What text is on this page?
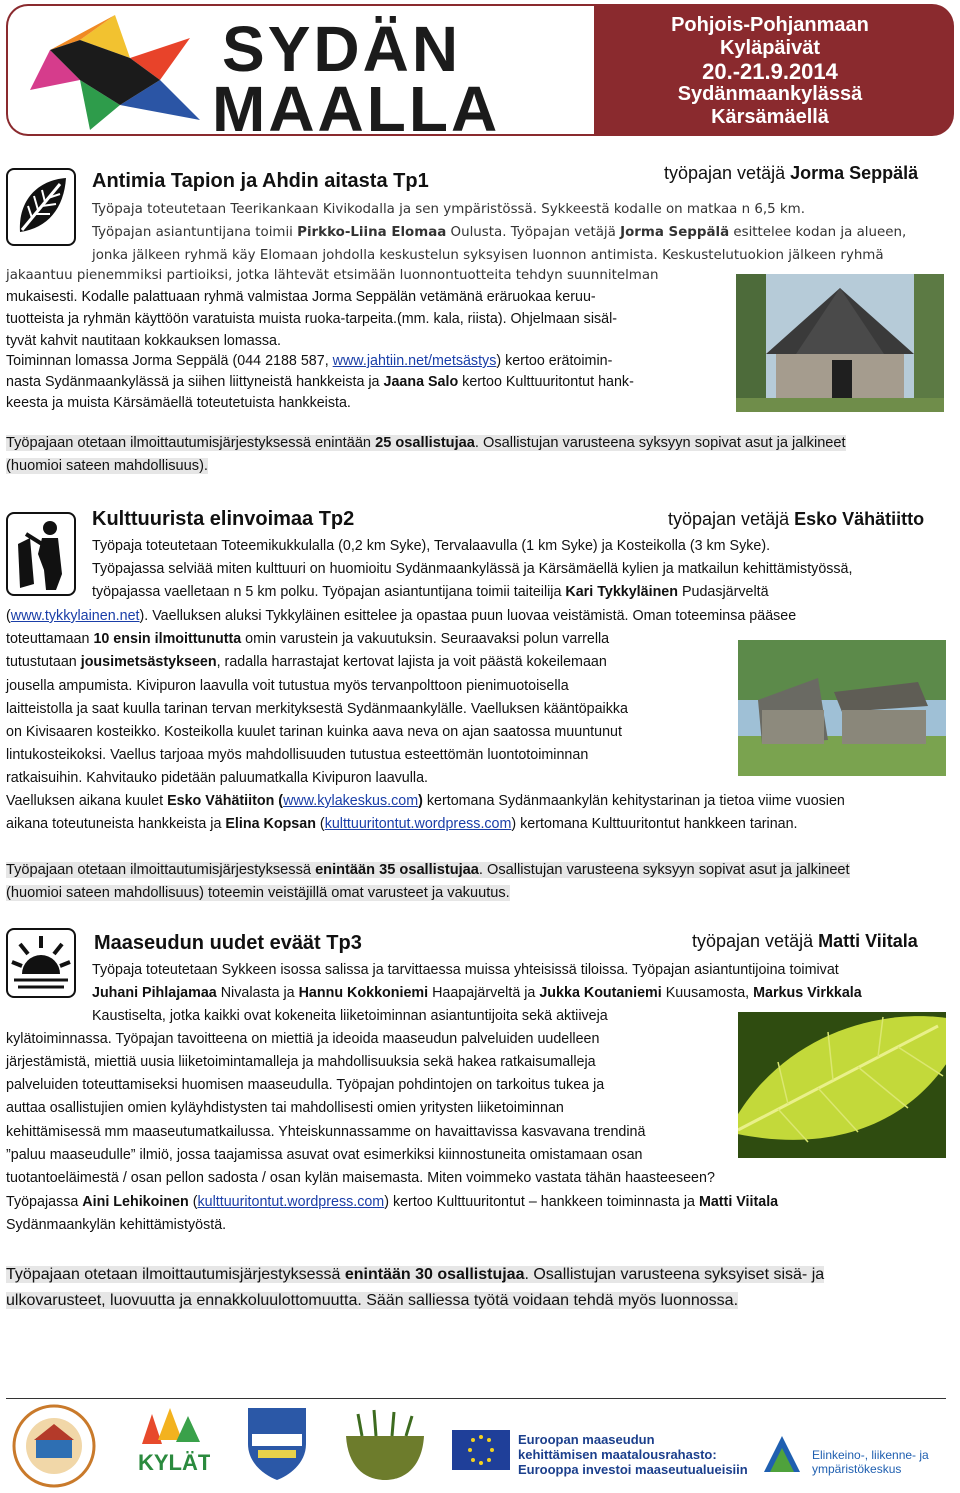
SYDÄN
MAALLA
Pohjois-Pohjanmaan
Kyläpäivät
20.-21.9.2014
Sydänmaankylässä
Kärsämäellä
Antimia Tapion ja Ahdin aitasta Tp1	työpajan vetäjä Jorma Seppälä
Työpaja toteutetaan Teerikankaan Kivikodalla ja sen ympäristössä. Sykkeestä kodalle on matkaa n 6,5 km.
Työpajan asiantuntijana toimii Pirkko-Liina Elomaa Oulusta. Työpajan vetäjä Jorma Seppälä esittelee kodan ja alueen,
jonka jälkeen ryhmä käy Elomaan johdolla keskustelun syksyisen luonnon antimista. Keskustelutuokion jälkeen ryhmä
jakaantuu pienemmiksi partioiksi, jotka lähtevät etsimään luonnontuotteita tehdyn suunnitelman
mukaisesti. Kodalle palattuaan ryhmä valmistaa Jorma Seppälän vetämänä eräruokaa keruu-
tuotteista ja ryhmän käyttöön varatuista muista ruoka-tarpeita.(mm. kala, riista). Ohjelmaan sisäl-
tyvät kahvit nautitaan kokkauksen lomassa.
Toiminnan lomassa Jorma Seppälä (044 2188 587, www.jahtiin.net/metsästys) kertoo erätoimin-
nasta Sydänmaankylässä ja siihen liittyneistä hankkeista ja Jaana Salo kertoo Kulttuuritontut hank-
keesta ja muista Kärsämäellä toteutetuista hankkeista.
Työpajaan otetaan ilmoittautumisjärjestyksessä enintään 25 osallistujaa. Osallistujan varusteena syksyyn sopivat asut ja jalkineet
(huomioi sateen mahdollisuus).
Kulttuurista elinvoimaa Tp2	työpajan vetäjä Esko Vähätiitto
Työpaja toteutetaan Toteemikukkulalla (0,2 km Syke), Tervalaavulla (1 km Syke) ja Kosteikolla (3 km Syke).
Työpajassa selviää miten kulttuuri on huomioitu Sydänmaankylässä ja Kärsämäellä kylien ja matkailun kehittämistyössä,
työpajassa vaelletaan n 5 km polku. Työpajan asiantuntijana toimii taiteilija Kari Tykkyläinen Pudasjärveltä
(www.tykkylainen.net). Vaelluksen aluksi Tykkyläinen esittelee ja opastaa puun luovaa veistämistä. Oman toteeminsa pääsee
toteuttamaan 10 ensin ilmoittunutta omin varustein ja vakuutuksin. Seuraavaksi polun varrella
tutustutaan jousimetsästykseen, radalla harrastajat kertovat lajista ja voit päästä kokeilemaan
jousella ampumista. Kivipuron laavulla voit tutustua myös tervanpolttoon pienimuotoisella
laitteistolla ja saat kuulla tarinan tervan merkityksestä Sydänmaankylälle. Vaelluksen kääntöpaikka
on Kivisaaren kosteikko. Kosteikolla kuulet tarinan kuinka aava neva on ajan saatossa muuntunut
lintukosteikoksi. Vaellus tarjoaa myös mahdollisuuden tutustua esteettömän luontotoiminnan
ratkaisuihin. Kahvitauko pidetään paluumatkalla Kivipuron laavulla.
Vaelluksen aikana kuulet Esko Vähätiiton (www.kylakeskus.com) kertomana Sydänmaankylän kehitystarinan ja tietoa viime vuosien
aikana toteutuneista hankkeista ja Elina Kopsan (kulttuuritontut.wordpress.com) kertomana Kulttuuritontut hankkeen tarinan.
Työpajaan otetaan ilmoittautumisjärjestyksessä enintään 35 osallistujaa. Osallistujan varusteena syksyyn sopivat asut ja jalkineet
(huomioi sateen mahdollisuus) toteemin veistäjillä omat varusteet ja vakuutus.
Maaseudun uudet eväät Tp3	työpajan vetäjä Matti Viitala
Työpaja toteutetaan Sykkeen isossa salissa ja tarvittaessa muissa yhteisissä tiloissa. Työpajan asiantuntijoina toimivat
Juhani Pihlajamaa Nivalasta ja Hannu Kokkoniemi Haapajärveltä ja Jukka Koutaniemi Kuusamosta, Markus Virkkala
Kaustiselta, jotka kaikki ovat kokeneita liiketoiminnan asiantuntijoita sekä aktiiveja
kylätoiminnassa. Työpajan tavoitteena on miettiä ja ideoida maaseudun palveluiden uudelleen
järjestämistä, miettiä uusia liiketoimintamalleja ja mahdollisuuksia sekä hakea ratkaisumalleja
palveluiden toteuttamiseksi huomisen maaseudulla. Työpajan pohdintojen on tarkoitus tukea ja
auttaa osallistujien omien kyläyhdistysten tai mahdollisesti omien yritysten liiketoiminnan
kehittämisessä mm maaseutumatkailussa. Yhteiskunnassamme on havaittavissa kasvavana trendinä
”paluu maaseudulle” ilmiö, jossa taajamissa asuvat ovat esimerkiksi kiinnostuneita omistamaan osan
tuotantoeläimestä / osan pellon sadosta / osan kylän maisemasta. Miten voimmeko vastata tähän haasteeseen?
Työpajassa Aini Lehikoinen (kulttuuritontut.wordpress.com) kertoo Kulttuuritontut – hankkeen toiminnasta ja Matti Viitala
Sydänmaankylän kehittämistyöstä.
Työpajaan otetaan ilmoittautumisjärjestyksessä enintään 30 osallistujaa. Osallistujan varusteena syksyiset sisä- ja
ulkovarusteet, luovuutta ja ennakkoluulottomuutta. Sään salliessa työtä voidaan tehdä myös luonnossa.
KYLÄT
Euroopan maaseudun
kehittämisen maatalousrahasto:
Eurooppa investoi maaseutualueisiin
Elinkeino-, liikenne- ja
ympäristökeskus
